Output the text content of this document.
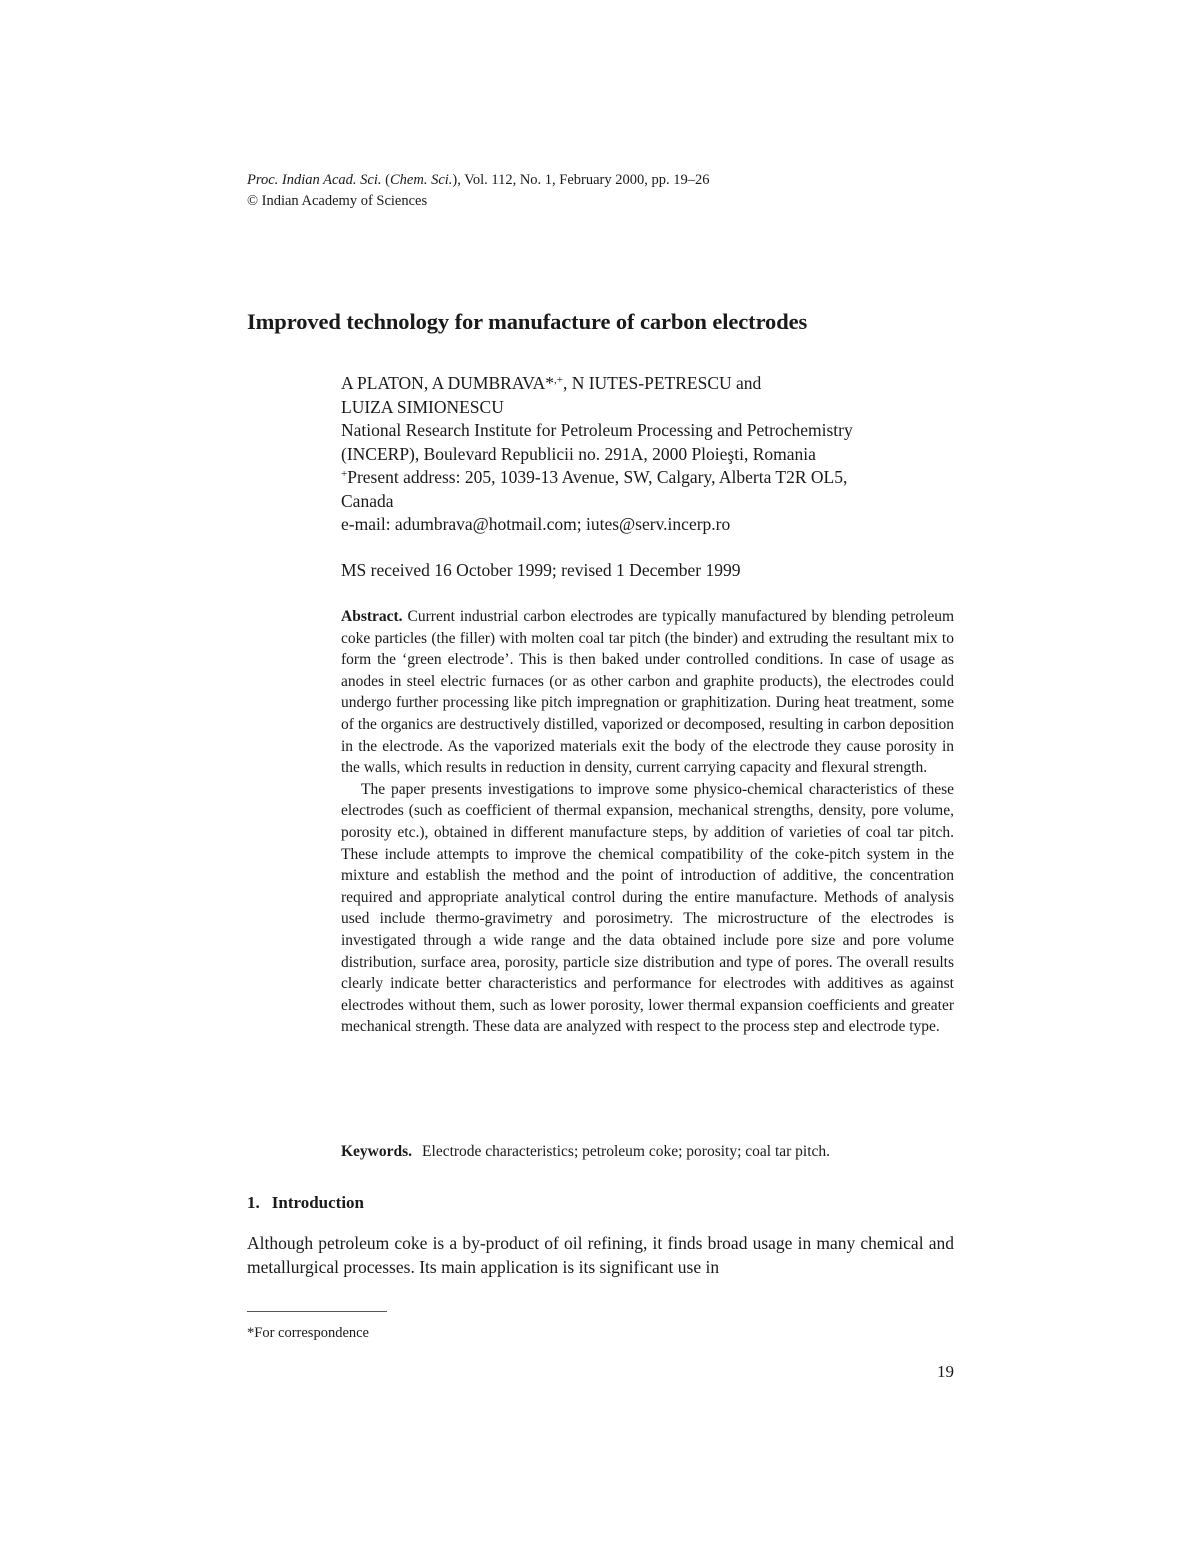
Proc. Indian Acad. Sci. (Chem. Sci.), Vol. 112, No. 1, February 2000, pp. 19–26
© Indian Academy of Sciences
Improved technology for manufacture of carbon electrodes
A PLATON, A DUMBRAVA*,+, N IUTES-PETRESCU and
LUIZA SIMIONESCU
National Research Institute for Petroleum Processing and Petrochemistry
(INCERP), Boulevard Republicii no. 291A, 2000 Ploieşti, Romania
+Present address: 205, 1039-13 Avenue, SW, Calgary, Alberta T2R OL5,
Canada
e-mail: adumbrava@hotmail.com; iutes@serv.incerp.ro
MS received 16 October 1999; revised 1 December 1999

Abstract. Current industrial carbon electrodes are typically manufactured by blending petroleum coke particles (the filler) with molten coal tar pitch (the binder) and extruding the resultant mix to form the ‘green electrode’. This is then baked under controlled conditions. In case of usage as anodes in steel electric furnaces (or as other carbon and graphite products), the electrodes could undergo further processing like pitch impregnation or graphitization. During heat treatment, some of the organics are destructively distilled, vaporized or decomposed, resulting in carbon deposition in the electrode. As the vaporized materials exit the body of the electrode they cause porosity in the walls, which results in reduction in density, current carrying capacity and flexural strength.

The paper presents investigations to improve some physico-chemical characteristics of these electrodes (such as coefficient of thermal expansion, mechanical strengths, density, pore volume, porosity etc.), obtained in different manufacture steps, by addition of varieties of coal tar pitch. These include attempts to improve the chemical compatibility of the coke-pitch system in the mixture and establish the method and the point of introduction of additive, the concentration required and appropriate analytical control during the entire manufacture. Methods of analysis used include thermo-gravimetry and porosimetry. The microstructure of the electrodes is investigated through a wide range and the data obtained include pore size and pore volume distribution, surface area, porosity, particle size distribution and type of pores. The overall results clearly indicate better characteristics and performance for electrodes with additives as against electrodes without them, such as lower porosity, lower thermal expansion coefficients and greater mechanical strength. These data are analyzed with respect to the process step and electrode type.

Keywords. Electrode characteristics; petroleum coke; porosity; coal tar pitch.
1. Introduction
Although petroleum coke is a by-product of oil refining, it finds broad usage in many chemical and metallurgical processes. Its main application is its significant use in
*For correspondence
19
